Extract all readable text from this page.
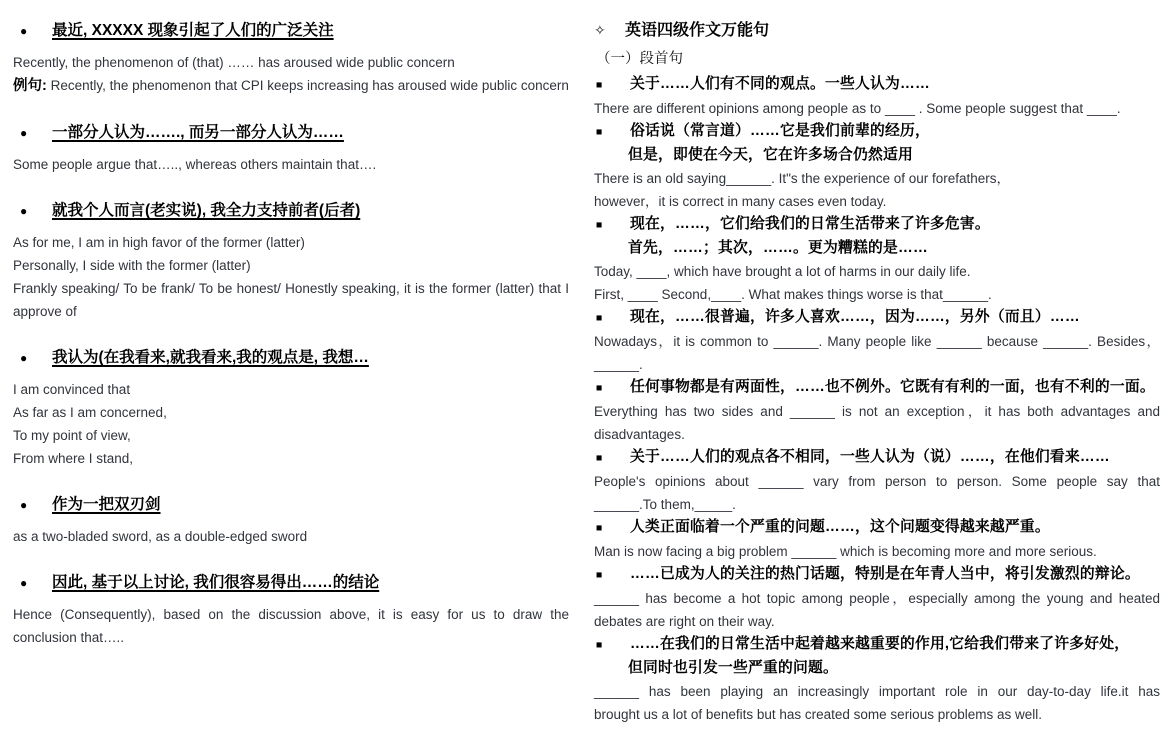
●	最近, XXXXX 现象引起了人们的广泛关注

Recently, the phenomenon of (that) …… has aroused wide public concern

例句: Recently, the phenomenon that CPI keeps increasing has aroused wide public concern

●	一部分人认为……., 而另一部分人认为……

Some people argue that….., whereas others maintain that….

●	就我个人而言(老实说), 我全力支持前者(后者)

As for me, I am in high favor of the former (latter)

Personally, I side with the former (latter)

Frankly speaking/ To be frank/ To be honest/ Honestly speaking, it is the former (latter) that I approve of

●	我认为(在我看来,就我看来,我的观点是, 我想…

I am convinced that

As far as I am concerned,

To my point of view,

From where I stand,

●	作为一把双刃剑

as a two-bladed sword, as a double-edged sword

●	因此, 基于以上讨论, 我们很容易得出……的结论

Hence (Consequently), based on the discussion above, it is easy for us to draw the conclusion that…..

✧	英语四级作文万能句
（一）段首句
■	关于……人们有不同的观点。一些人认为……

There are different opinions among people as to ____ . Some people suggest that ____.

■	俗话说（常言道）……它是我们前辈的经历，
但是，即使在今天，它在许多场合仍然适用

There is an old saying______. It"s the experience of our forefathers，

however，it is correct in many cases even today.

■	现在，……，它们给我们的日常生活带来了许多危害。
首先，……；其次，……。更为糟糕的是……

Today, ____, which have brought a lot of harms in our daily life.

First, ____ Second,____. What makes things worse is that______.

■	现在，……很普遍，许多人喜欢……，因为……，另外（而且）……

Nowadays，it is common to ______. Many people like ______ because ______. Besides，

______.

■	任何事物都是有两面性，……也不例外。它既有有利的一面，也有不利的一面。

Everything has two sides and ______ is not an exception，it has both advantages and

disadvantages.

■	关于……人们的观点各不相同，一些人认为（说）……，在他们看来……

People's opinions about ______ vary from person to person. Some people say that

______.To them,_____.

■	人类正面临着一个严重的问题……，这个问题变得越来越严重。

Man is now facing a big problem ______ which is becoming more and more serious.

■	……已成为人的关注的热门话题，特别是在年青人当中，将引发激烈的辩论。

______ has become a hot topic among people，especially among the young and heated

debates are right on their way.

■	……在我们的日常生活中起着越来越重要的作用,它给我们带来了许多好处，
但同时也引发一些严重的问题。

______ has been playing an increasingly important role in our day-to-day life.it has

brought us a lot of benefits but has created some serious problems as well.
